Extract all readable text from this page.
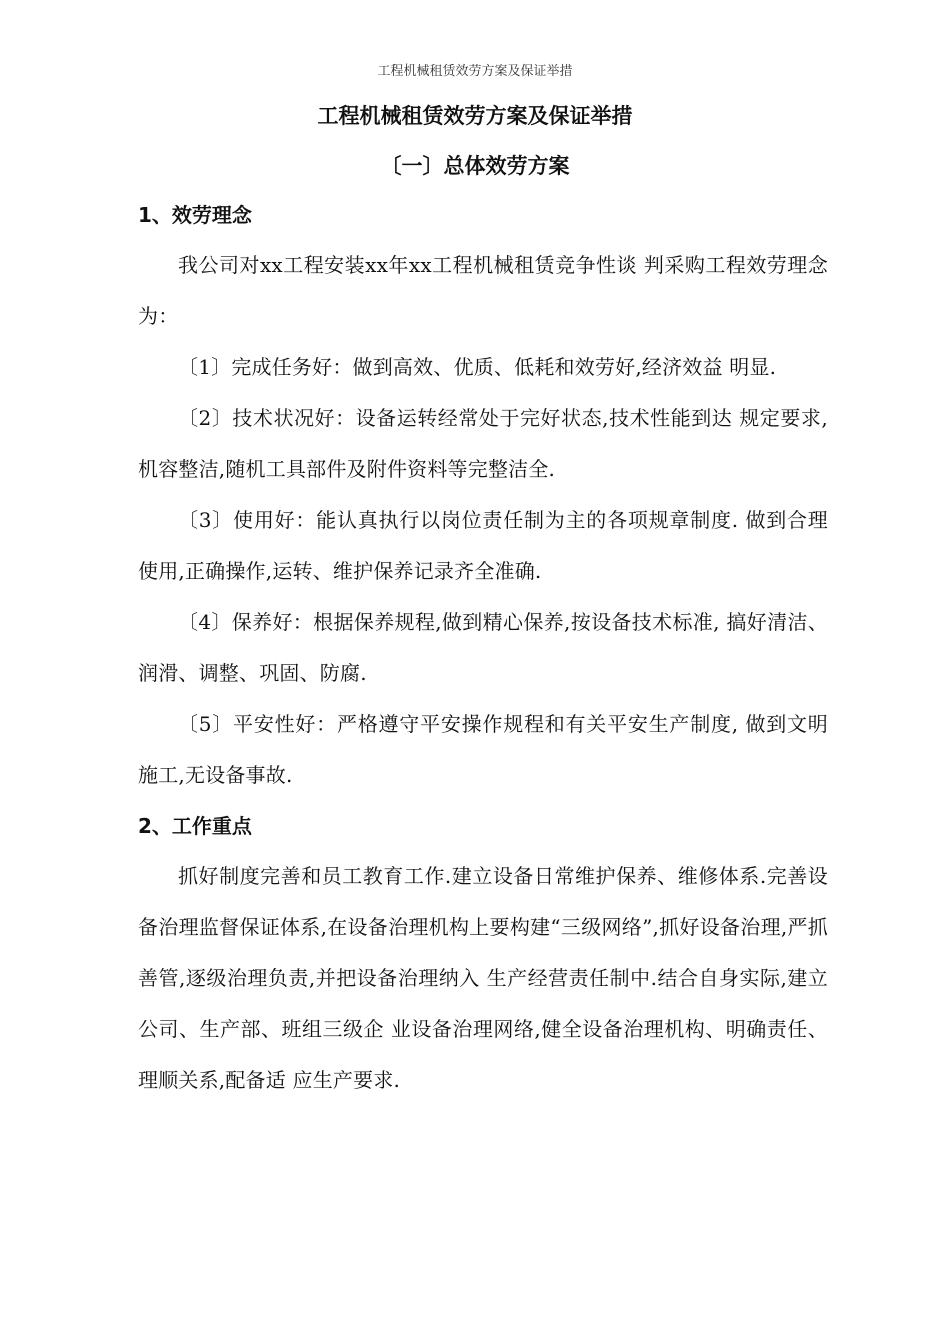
工程机械租赁效劳方案及保证举措
工程机械租赁效劳方案及保证举措
〔一〕总体效劳方案

1、效劳理念

我公司对xx工程安装xx年xx工程机械租赁竞争性谈 判采购工程效劳理念为：

〔1〕完成任务好：做到高效、优质、低耗和效劳好,经济效益 明显.

〔2〕技术状况好：设备运转经常处于完好状态,技术性能到达 规定要求,机容整洁,随机工具部件及附件资料等完整洁全.

〔3〕使用好：能认真执行以岗位责任制为主的各项规章制度. 做到合理使用,正确操作,运转、维护保养记录齐全准确.

〔4〕保养好：根据保养规程,做到精心保养,按设备技术标准, 搞好清洁、润滑、调整、巩固、防腐.

〔5〕平安性好：严格遵守平安操作规程和有关平安生产制度, 做到文明施工,无设备事故.

2、工作重点

抓好制度完善和员工教育工作.建立设备日常维护保养、维修体系.完善设备治理监督保证体系,在设备治理机构上要构建“三级网络”,抓好设备治理,严抓善管,逐级治理负责,并把设备治理纳入 生产经营责任制中.结合自身实际,建立公司、生产部、班组三级企 业设备治理网络,健全设备治理机构、明确责任、理顺关系,配备适 应生产要求.
